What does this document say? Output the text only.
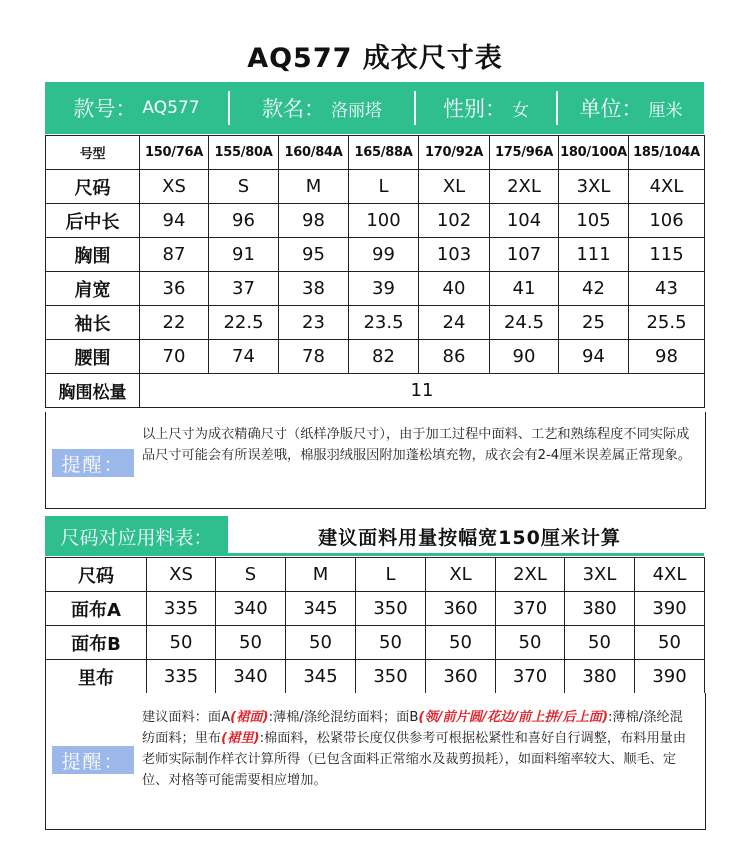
AQ577 成衣尺寸表
款号： AQ577	款名： 洛丽塔	性别： 女 单位： 厘米
号型	150/76A	155/80A	160/84A	165/88A	170/92A	175/96A	180/100A	185/104A
尺码	XS	S	M	L	XL	2XL	3XL	4XL
后中长	94	96	98	100	102	104	105	106
胸围	87	91	95	99	103	107	111	115
肩宽	36	37	38	39	40	41	42	43
袖长	22	22.5	23	23.5	24	24.5	25	25.5
腰围	70	74	78	82	86	90	94	98
胸围松量	11							
提醒：
以上尺寸为成衣精确尺寸（纸样净版尺寸），由于加工过程中面料、工艺和熟练程度不同实际成品尺寸可能会有所误差哦，棉服羽绒服因附加蓬松填充物，成衣会有2-4厘米误差属正常现象。
尺码对应用料表：	建议面料用量按幅宽150厘米计算
尺码	XS	S	M	L	XL	2XL	3XL	4XL
面布A	335	340	345	350	360	370	380	390
面布B	50	50	50	50	50	50	50	50
里布	335	340	345	350	360	370	380	390
提醒：
建议面料：面A(裙面):薄棉/涤纶混纺面料；面B(领/前片圆/花边/前上拼/后上面):薄棉/涤纶混纺面料；里布(裙里):棉面料，松紧带长度仅供参考可根据松紧性和喜好自行调整，布料用量由老师实际制作样衣计算所得（已包含面料正常缩水及裁剪损耗），如面料缩率较大、顺毛、定位、对格等可能需要相应增加。
